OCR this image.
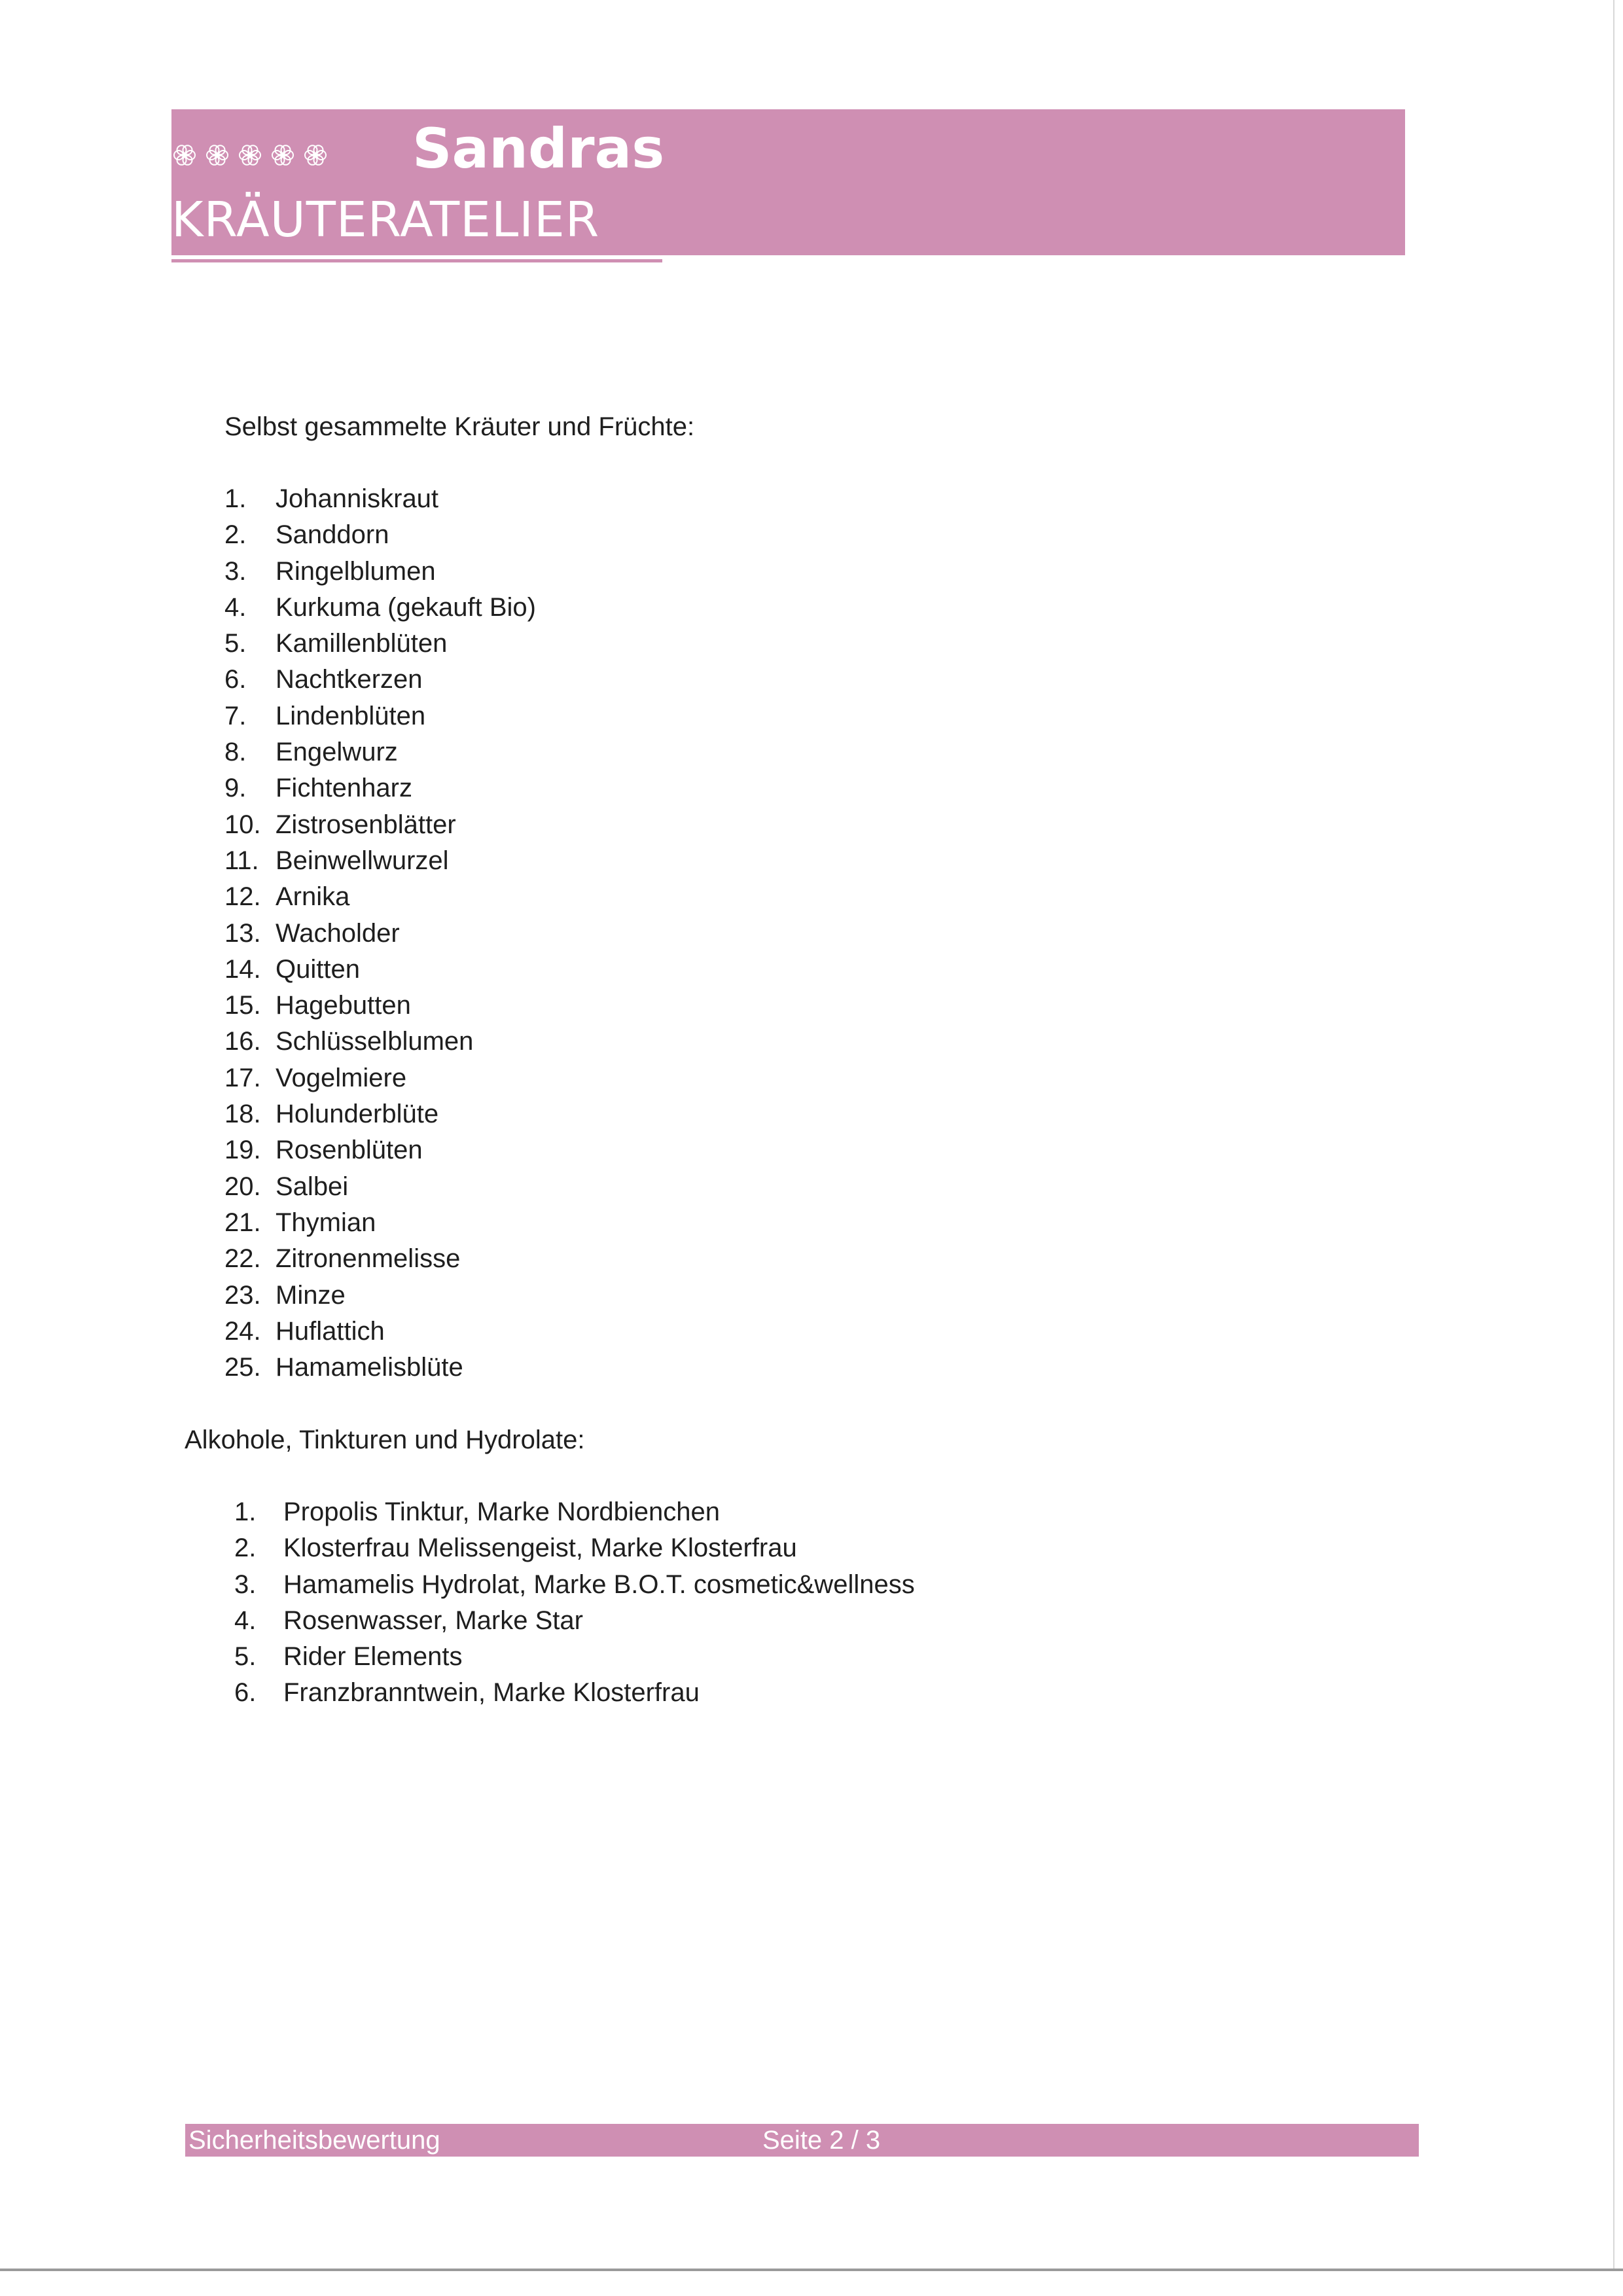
Sandras
KRÄUTERATELIER
Selbst gesammelte Kräuter und Früchte:
1. Johanniskraut
2. Sanddorn
3. Ringelblumen
4. Kurkuma (gekauft Bio)
5. Kamillenblüten
6. Nachtkerzen
7. Lindenblüten
8. Engelwurz
9. Fichtenharz
10. Zistrosenblätter
11. Beinwellwurzel
12. Arnika
13. Wacholder
14. Quitten
15. Hagebutten
16. Schlüsselblumen
17. Vogelmiere
18. Holunderblüte
19. Rosenblüten
20. Salbei
21. Thymian
22. Zitronenmelisse
23. Minze
24. Huflattich
25. Hamamelisblüte
Alkohole, Tinkturen und Hydrolate:
1. Propolis Tinktur, Marke Nordbienchen
2. Klosterfrau Melissengeist, Marke Klosterfrau
3. Hamamelis Hydrolat, Marke B.O.T. cosmetic&wellness
4. Rosenwasser, Marke Star
5. Rider Elements
6. Franzbranntwein, Marke Klosterfrau
Sicherheitsbewertung	Seite 2 / 3
